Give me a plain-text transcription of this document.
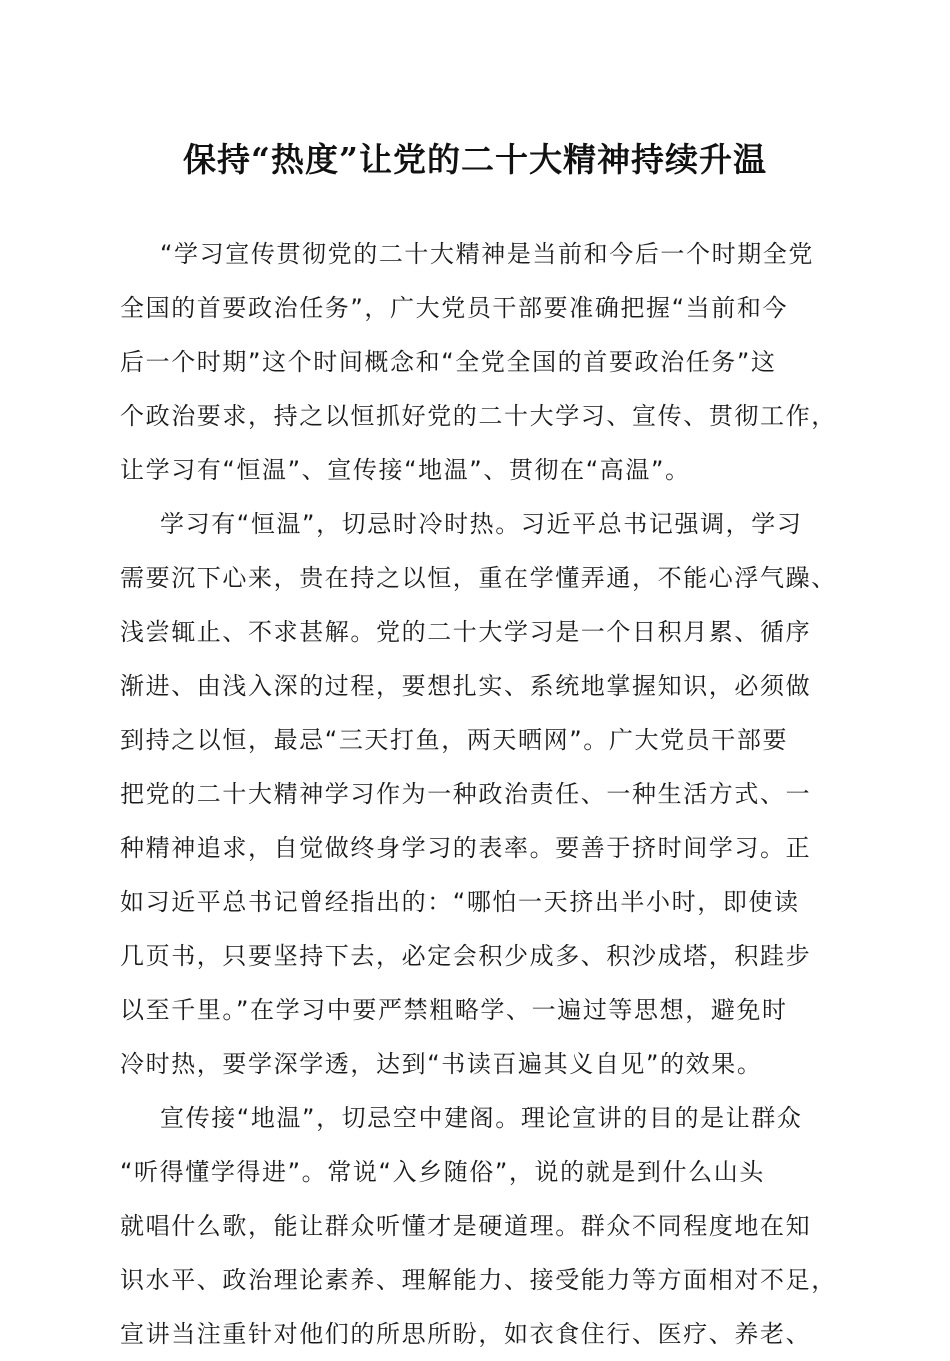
保持“热度”让党的二十大精神持续升温
“学习宣传贯彻党的二十大精神是当前和今后一个时期全党
全国的首要政治任务”，广大党员干部要准确把握“当前和今
后一个时期”这个时间概念和“全党全国的首要政治任务”这
个政治要求，持之以恒抓好党的二十大学习、宣传、贯彻工作，
让学习有“恒温”、宣传接“地温”、贯彻在“高温”。
学习有“恒温”，切忌时冷时热。习近平总书记强调，学习
需要沉下心来，贵在持之以恒，重在学懂弄通，不能心浮气躁、
浅尝辄止、不求甚解。党的二十大学习是一个日积月累、循序
渐进、由浅入深的过程，要想扎实、系统地掌握知识，必须做
到持之以恒，最忌“三天打鱼，两天晒网”。广大党员干部要
把党的二十大精神学习作为一种政治责任、一种生活方式、一
种精神追求，自觉做终身学习的表率。要善于挤时间学习。正
如习近平总书记曾经指出的：“哪怕一天挤出半小时，即使读
几页书，只要坚持下去，必定会积少成多、积沙成塔，积跬步
以至千里。”在学习中要严禁粗略学、一遍过等思想，避免时
冷时热，要学深学透，达到“书读百遍其义自见”的效果。
宣传接“地温”，切忌空中建阁。理论宣讲的目的是让群众
“听得懂学得进”。常说“入乡随俗”，说的就是到什么山头
就唱什么歌，能让群众听懂才是硬道理。群众不同程度地在知
识水平、政治理论素养、理解能力、接受能力等方面相对不足，
宣讲当注重针对他们的所思所盼，如衣食住行、医疗、养老、
